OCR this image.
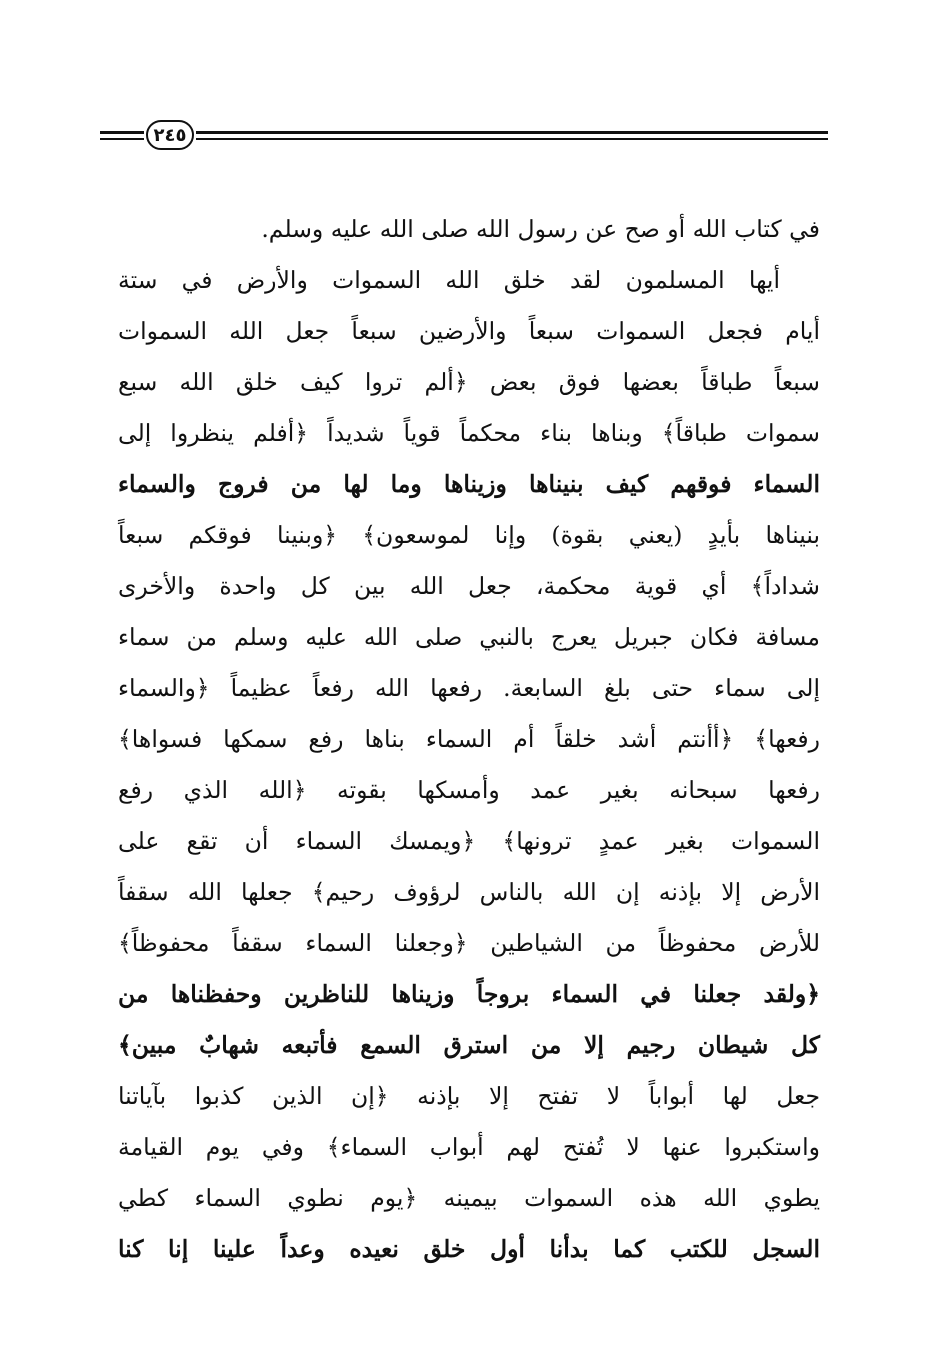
٢٤٥
في كتاب الله أو صح عن رسول الله صلى الله عليه وسلم.
أيها المسلمون لقد خلق الله السموات والأرض في ستة
أيام فجعل السموات سبعاً والأرضين سبعاً جعل الله السموات
سبعاً طباقاً بعضها فوق بعض ﴿ألم تروا كيف خلق الله سبع
سموات طباقاً﴾ وبناها بناء محكماً قوياً شديداً ﴿أفلم ينظروا إلى
السماء فوقهم كيف بنيناها وزيناها وما لها من فروج والسماء
بنيناها بأيدٍ (يعني بقوة) وإنا لموسعون﴾ ﴿وبنينا فوقكم سبعاً
شداداً﴾ أي قوية محكمة، جعل الله بين كل واحدة والأخرى
مسافة فكان جبريل يعرج بالنبي صلى الله عليه وسلم من سماء
إلى سماء حتى بلغ السابعة. رفعها الله رفعاً عظيماً ﴿والسماء
رفعها﴾ ﴿أأنتم أشد خلقاً أم السماء بناها رفع سمكها فسواها﴾
رفعها سبحانه بغير عمد وأمسكها بقوته ﴿الله الذي رفع
السموات بغير عمدٍ ترونها﴾ ﴿ويمسك السماء أن تقع على
الأرض إلا بإذنه إن الله بالناس لرؤوف رحيم﴾ جعلها الله سقفاً
للأرض محفوظاً من الشياطين ﴿وجعلنا السماء سقفاً محفوظاً﴾
﴿ولقد جعلنا في السماء بروجاً وزيناها للناظرين وحفظناها من
كل شيطان رجيم إلا من استرق السمع فأتبعه شهابٌ مبين﴾
جعل لها أبواباً لا تفتح إلا بإذنه ﴿إن الذين كذبوا بآياتنا
واستكبروا عنها لا تُفتح لهم أبواب السماء﴾ وفي يوم القيامة
يطوي الله هذه السموات بيمينه ﴿يوم نطوي السماء كطي
السجل للكتب كما بدأنا أول خلق نعيده وعداً علينا إنا كنا
